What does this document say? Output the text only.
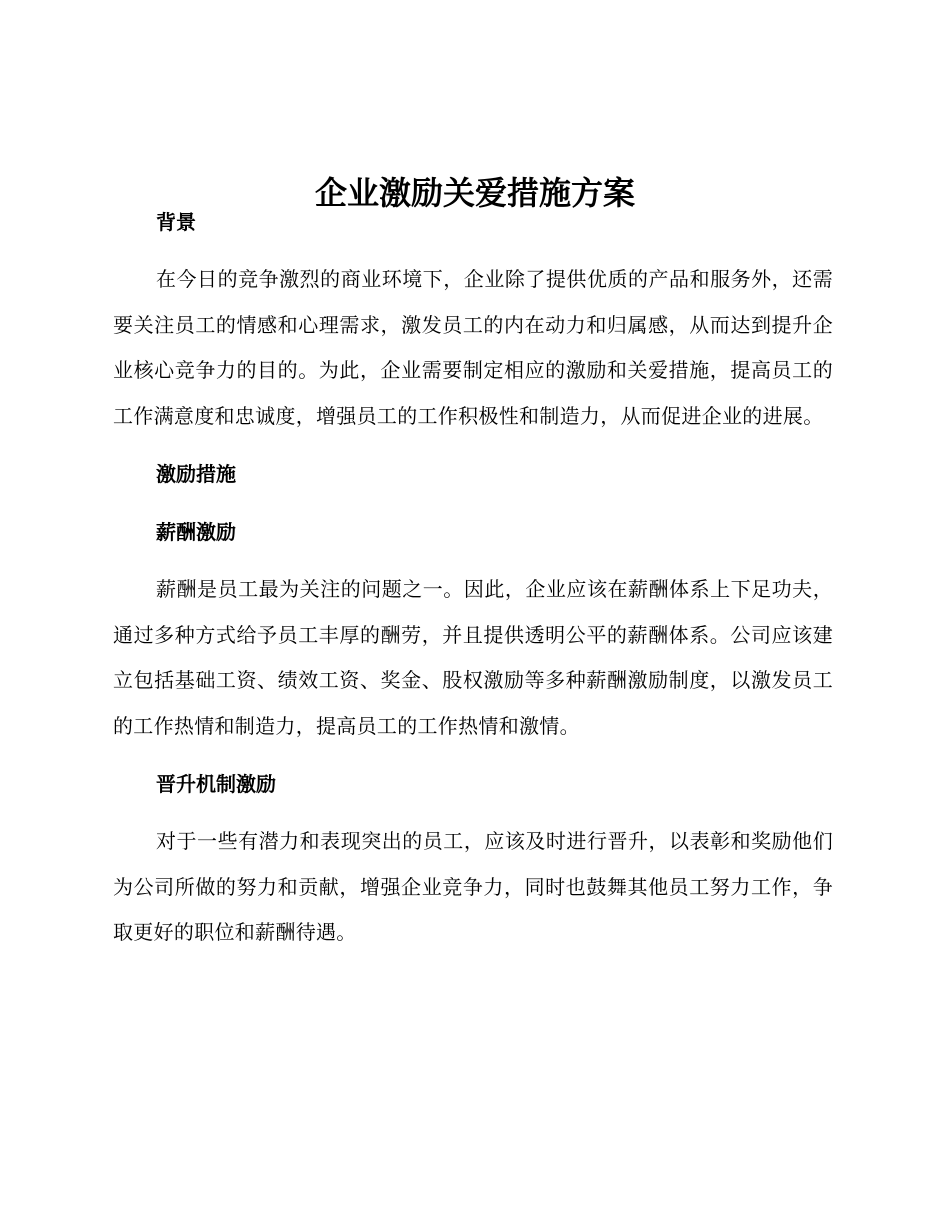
企业激励关爱措施方案

背景

在今日的竞争激烈的商业环境下，企业除了提供优质的产品和服务外，还需要关注员工的情感和心理需求，激发员工的内在动力和归属感，从而达到提升企业核心竞争力的目的。为此，企业需要制定相应的激励和关爱措施，提高员工的工作满意度和忠诚度，增强员工的工作积极性和制造力，从而促进企业的进展。

激励措施

薪酬激励

薪酬是员工最为关注的问题之一。因此，企业应该在薪酬体系上下足功夫，通过多种方式给予员工丰厚的酬劳，并且提供透明公平的薪酬体系。公司应该建立包括基础工资、绩效工资、奖金、股权激励等多种薪酬激励制度，以激发员工的工作热情和制造力，提高员工的工作热情和激情。

晋升机制激励

对于一些有潜力和表现突出的员工，应该及时进行晋升，以表彰和奖励他们为公司所做的努力和贡献，增强企业竞争力，同时也鼓舞其他员工努力工作，争取更好的职位和薪酬待遇。
